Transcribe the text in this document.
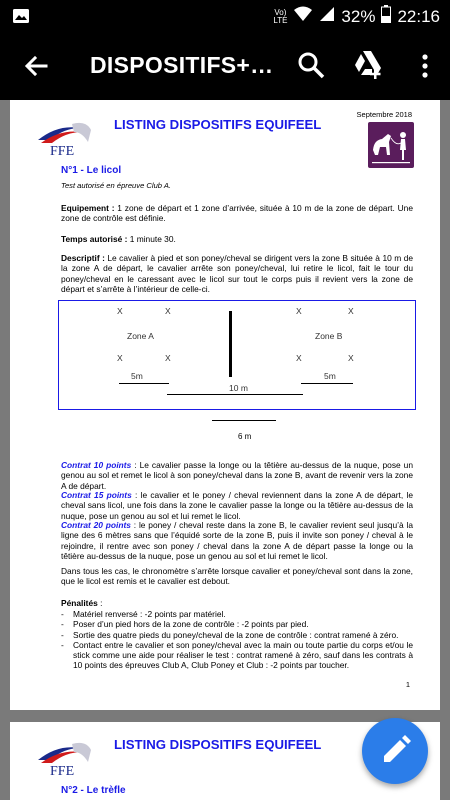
Vo)
LTE	32% 22:16
DISPOSITIFS+…
Septembre 2018
FFE
LISTING DISPOSITIFS EQUIFEEL
N°1 - Le licol
Test autorisé en épreuve Club A.
Equipement : 1 zone de départ et 1 zone d’arrivée, située à 10 m de la zone de départ. Une zone de contrôle est définie.
Temps autorisé : 1 minute 30.
Descriptif : Le cavalier à pied et son poney/cheval se dirigent vers la zone B située à 10 m de la zone A de départ, le cavalier arrête son poney/cheval, lui retire le licol, fait le tour du poney/cheval en le caressant avec le licol sur tout le corps puis il revient vers la zone de départ et s’arrête à l’intérieur de celle-ci.
X	X	X	X
Zone A	Zone B
X	X	X	X
5m	5m
10 m
6 m
Contrat 10 points : Le cavalier passe la longe ou la têtière au-dessus de la nuque, pose un genou au sol et remet le licol à son poney/cheval dans la zone B, avant de revenir vers la zone A de départ.
Contrat 15 points : le cavalier et le poney / cheval reviennent dans la zone A de départ, le cheval sans licol, une fois dans la zone le cavalier passe la longe ou la têtière au-dessus de la nuque, pose un genou au sol et lui remet le licol.
Contrat 20 points : le poney / cheval reste dans la zone B, le cavalier revient seul jusqu’à la ligne des 6 mètres sans que l’équidé sorte de la zone B, puis il invite son poney / cheval à le rejoindre, il rentre avec son poney / cheval dans la zone A de départ passe la longe ou la têtière au-dessus de la nuque, pose un genou au sol et lui remet le licol.
Dans tous les cas, le chronomètre s’arrête lorsque cavalier et poney/cheval sont dans la zone, que le licol est remis et le cavalier est debout.
Pénalités :
-	Matériel renversé : -2 points par matériel.
-	Poser d’un pied hors de la zone de contrôle : -2 points par pied.
-	Sortie des quatre pieds du poney/cheval de la zone de contrôle : contrat ramené à zéro.
-	Contact entre le cavalier et son poney/cheval avec la main ou toute partie du corps et/ou le stick comme une aide pour réaliser le test : contrat ramené à zéro, sauf dans les contrats à 10 points des épreuves Club A, Club Poney et Club : -2 points par toucher.
1
FFE
LISTING DISPOSITIFS EQUIFEEL
N°2 - Le trèfle
